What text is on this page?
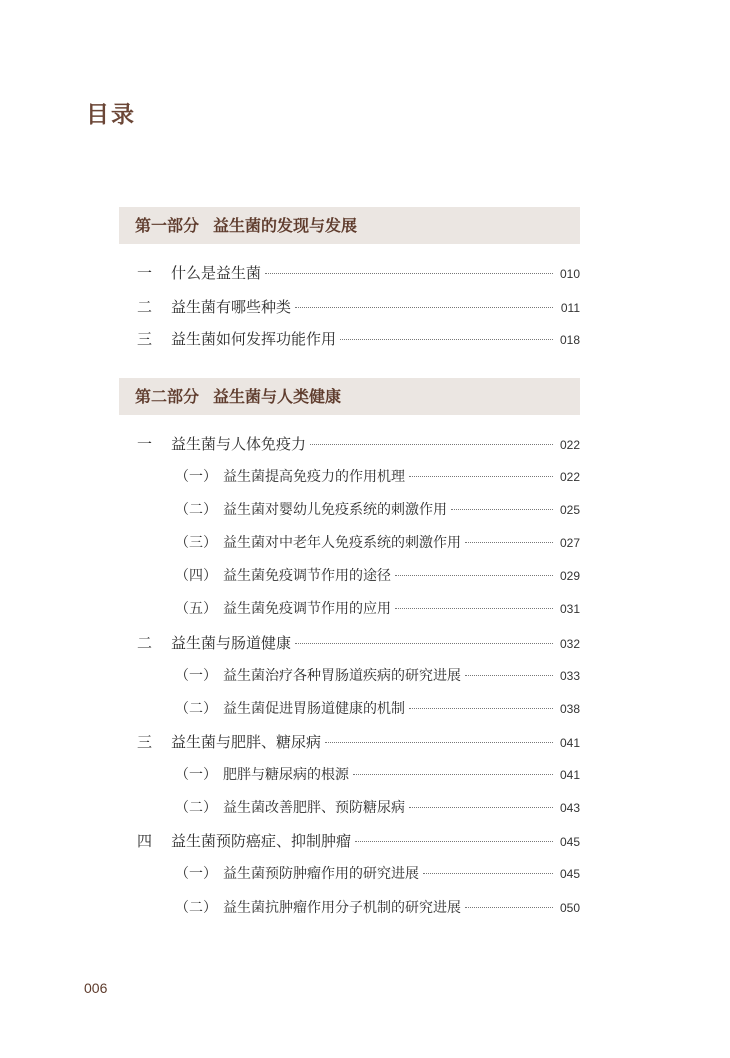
目录
第一部分 益生菌的发现与发展
一	什么是益生菌	010
二	益生菌有哪些种类	011
三	益生菌如何发挥功能作用	018
第二部分 益生菌与人类健康
一	益生菌与人体免疫力	022
（一） 益生菌提高免疫力的作用机理	022
（二） 益生菌对婴幼儿免疫系统的刺激作用	025
（三） 益生菌对中老年人免疫系统的刺激作用	027
（四） 益生菌免疫调节作用的途径	029
（五） 益生菌免疫调节作用的应用	031
二	益生菌与肠道健康	032
（一） 益生菌治疗各种胃肠道疾病的研究进展	033
（二） 益生菌促进胃肠道健康的机制	038
三	益生菌与肥胖、糖尿病	041
（一） 肥胖与糖尿病的根源	041
（二） 益生菌改善肥胖、预防糖尿病	043
四	益生菌预防癌症、抑制肿瘤	045
（一） 益生菌预防肿瘤作用的研究进展	045
（二） 益生菌抗肿瘤作用分子机制的研究进展	050
006
